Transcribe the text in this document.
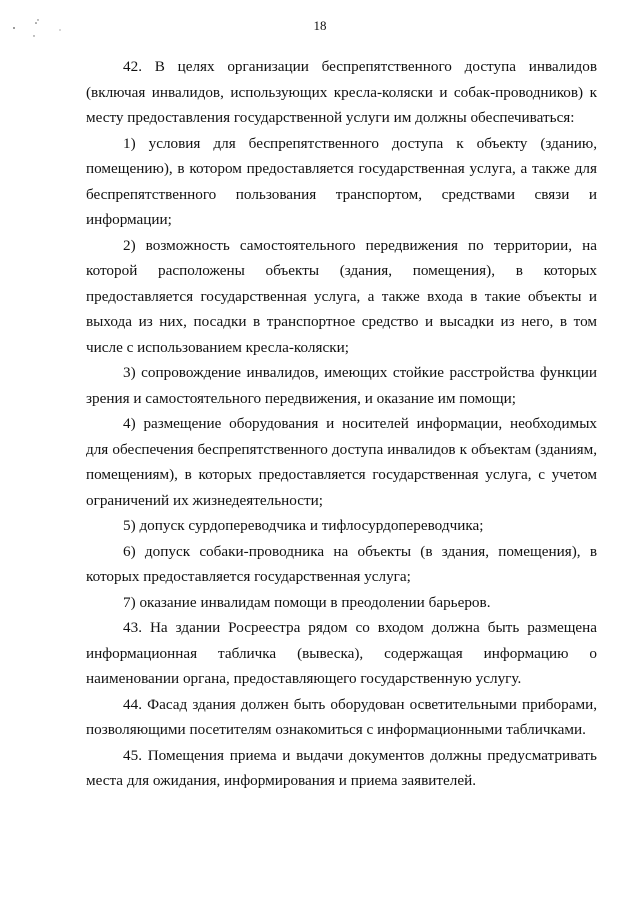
18

42. В целях организации беспрепятственного доступа инвалидов (включая инвалидов, использующих кресла-коляски и собак-проводников) к месту предоставления государственной услуги им должны обеспечиваться:

1) условия для беспрепятственного доступа к объекту (зданию, помещению), в котором предоставляется государственная услуга, а также для беспрепятственного пользования транспортом, средствами связи и информации;

2) возможность самостоятельного передвижения по территории, на которой расположены объекты (здания, помещения), в которых предоставляется государственная услуга, а также входа в такие объекты и выхода из них, посадки в транспортное средство и высадки из него, в том числе с использованием кресла-коляски;

3) сопровождение инвалидов, имеющих стойкие расстройства функции зрения и самостоятельного передвижения, и оказание им помощи;

4) размещение оборудования и носителей информации, необходимых для обеспечения беспрепятственного доступа инвалидов к объектам (зданиям, помещениям), в которых предоставляется государственная услуга, с учетом ограничений их жизнедеятельности;

5) допуск сурдопереводчика и тифлосурдопереводчика;

6) допуск собаки-проводника на объекты (в здания, помещения), в которых предоставляется государственная услуга;

7) оказание инвалидам помощи в преодолении барьеров.

43. На здании Росреестра рядом со входом должна быть размещена информационная табличка (вывеска), содержащая информацию о наименовании органа, предоставляющего государственную услугу.

44. Фасад здания должен быть оборудован осветительными приборами, позволяющими посетителям ознакомиться с информационными табличками.

45. Помещения приема и выдачи документов должны предусматривать места для ожидания, информирования и приема заявителей.
